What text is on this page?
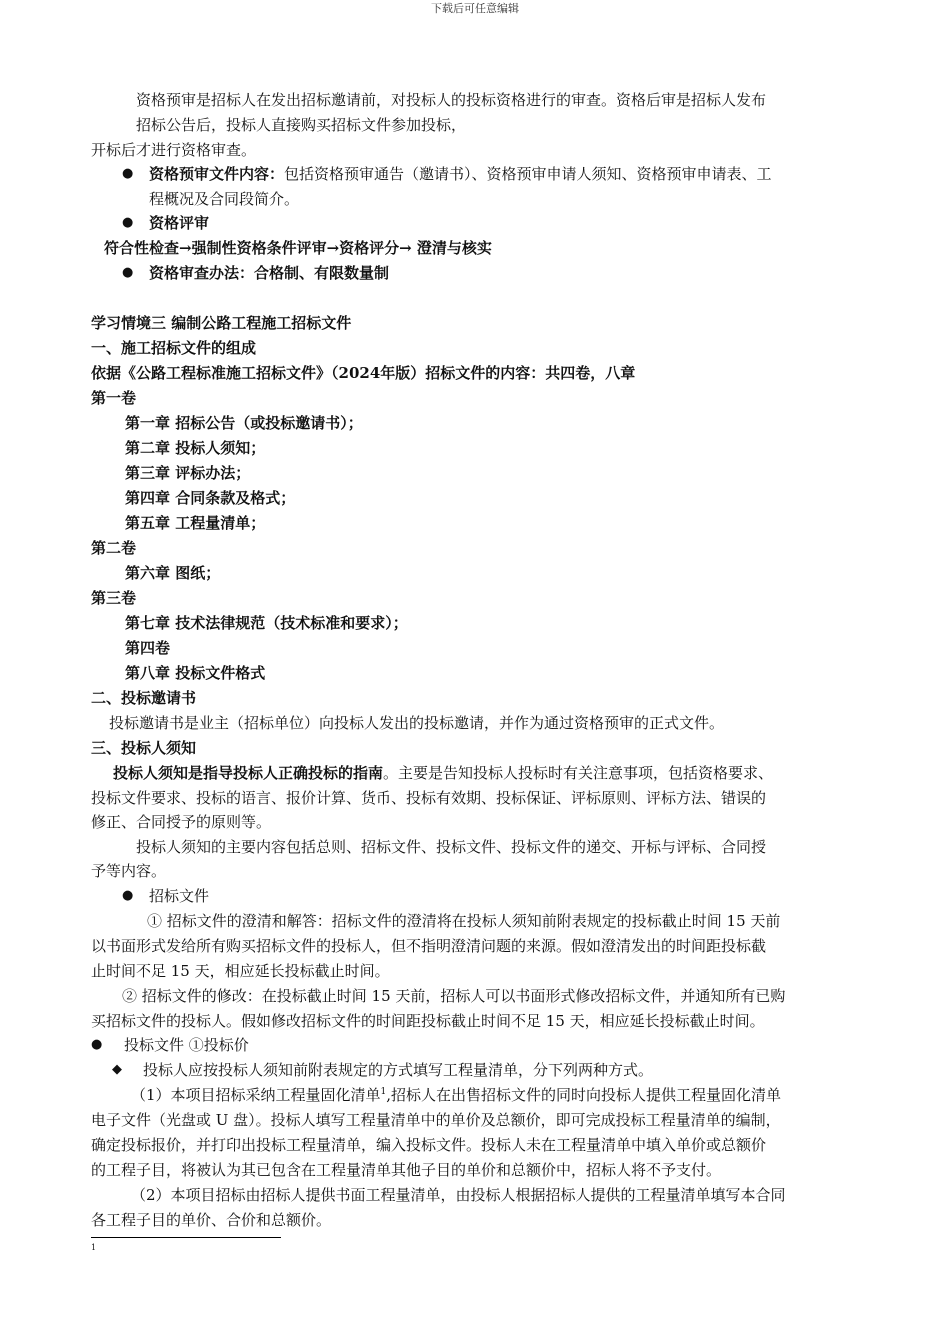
下载后可任意编辑
资格预审是招标人在发出招标邀请前，对投标人的投标资格进行的审查。资格后审是招标人发布
招标公告后，投标人直接购买招标文件参加投标，
开标后才进行资格审查。
● 资格预审文件内容：包括资格预审通告（邀请书）、资格预审申请人须知、资格预审申请表、工
程概况及合同段简介。
● 资格评审
符合性检查→强制性资格条件评审→资格评分→ 澄清与核实
● 资格审查办法：合格制、有限数量制
学习情境三 编制公路工程施工招标文件
一、施工招标文件的组成
依据《公路工程标准施工招标文件》（2024年版）招标文件的内容：共四卷，八章
第一卷
第一章 招标公告（或投标邀请书）；
第二章 投标人须知；
第三章 评标办法；
第四章 合同条款及格式；
第五章 工程量清单；
第二卷
第六章 图纸；
第三卷
第七章 技术法律规范（技术标准和要求）；
第四卷
第八章 投标文件格式
二、投标邀请书
投标邀请书是业主（招标单位）向投标人发出的投标邀请，并作为通过资格预审的正式文件。
三、投标人须知
投标人须知是指导投标人正确投标的指南。主要是告知投标人投标时有关注意事项，包括资格要求、
投标文件要求、投标的语言、报价计算、货币、投标有效期、投标保证、评标原则、评标方法、错误的
修正、合同授予的原则等。
投标人须知的主要内容包括总则、招标文件、投标文件、投标文件的递交、开标与评标、合同授
予等内容。
● 招标文件
① 招标文件的澄清和解答：招标文件的澄清将在投标人须知前附表规定的投标截止时间 15 天前
以书面形式发给所有购买招标文件的投标人，但不指明澄清问题的来源。假如澄清发出的时间距投标截
止时间不足 15 天，相应延长投标截止时间。
② 招标文件的修改：在投标截止时间 15 天前，招标人可以书面形式修改招标文件，并通知所有已购
买招标文件的投标人。假如修改招标文件的时间距投标截止时间不足 15 天，相应延长投标截止时间。
● 投标文件 ①投标价
◆ 投标人应按投标人须知前附表规定的方式填写工程量清单，分下列两种方式。
（1）本项目招标采纳工程量固化清单$^1$,招标人在出售招标文件的同时向投标人提供工程量固化清单
电子文件（光盘或 U 盘）。投标人填写工程量清单中的单价及总额价，即可完成投标工程量清单的编制，
确定投标报价，并打印出投标工程量清单，编入投标文件。投标人未在工程量清单中填入单价或总额价
的工程子目，将被认为其已包含在工程量清单其他子目的单价和总额价中，招标人将不予支付。
（2）本项目招标由招标人提供书面工程量清单，由投标人根据招标人提供的工程量清单填写本合同
各工程子目的单价、合价和总额价。
1
